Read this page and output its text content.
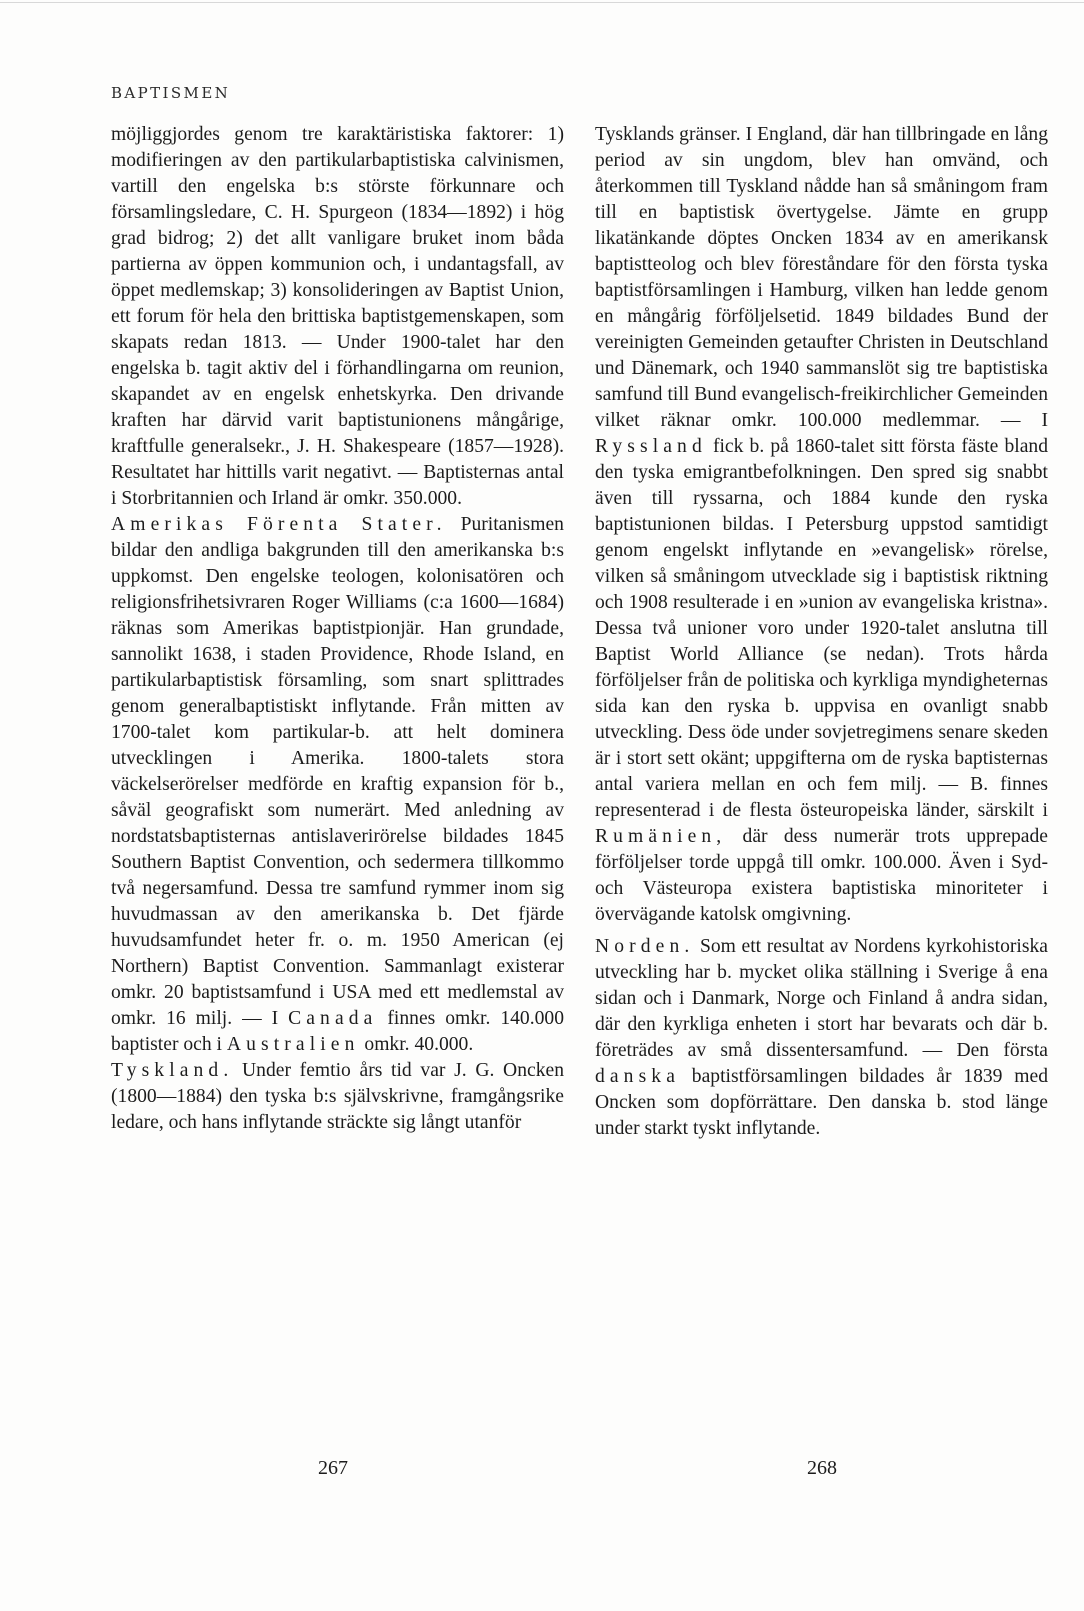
BAPTISMEN

möjliggjordes genom tre karaktäristiska faktorer: 1) modifieringen av den partikularbaptistiska calvinismen, vartill den engelska b:s störste förkunnare och församlingsledare, C. H. Spurgeon (1834—1892) i hög grad bidrog; 2) det allt vanligare bruket inom båda partierna av öppen kommunion och, i undantagsfall, av öppet medlemskap; 3) konsolideringen av Baptist Union, ett forum för hela den brittiska baptistgemenskapen, som skapats redan 1813. — Under 1900-talet har den engelska b. tagit aktiv del i förhandlingarna om reunion, skapandet av en engelsk enhetskyrka. Den drivande kraften har därvid varit baptistunionens mångårige, kraftfulle generalsekr., J. H. Shakespeare (1857—1928). Resultatet har hittills varit negativt. — Baptisternas antal i Storbritannien och Irland är omkr. 350.000.

Amerikas Förenta Stater. Puritanismen bildar den andliga bakgrunden till den amerikanska b:s uppkomst. Den engelske teologen, kolonisatören och religionsfrihetsivraren Roger Williams (c:a 1600—1684) räknas som Amerikas baptistpionjär. Han grundade, sannolikt 1638, i staden Providence, Rhode Island, en partikularbaptistisk församling, som snart splittrades genom generalbaptistiskt inflytande. Från mitten av 1700-talet kom partikular-b. att helt dominera utvecklingen i Amerika. 1800-talets stora väckelserörelser medförde en kraftig expansion för b., såväl geografiskt som numerärt. Med anledning av nordstatsbaptisternas antislaverirörelse bildades 1845 Southern Baptist Convention, och sedermera tillkommo två negersamfund. Dessa tre samfund rymmer inom sig huvudmassan av den amerikanska b. Det fjärde huvudsamfundet heter fr. o. m. 1950 American (ej Northern) Baptist Convention. Sammanlagt existerar omkr. 20 baptistsamfund i USA med ett medlemstal av omkr. 16 milj. — I Canada finnes omkr. 140.000 baptister och i Australien omkr. 40.000.

Tyskland. Under femtio års tid var J. G. Oncken (1800—1884) den tyska b:s självskrivne, framgångsrike ledare, och hans inflytande sträckte sig långt utanför

Tysklands gränser. I England, där han tillbringade en lång period av sin ungdom, blev han omvänd, och återkommen till Tyskland nådde han så småningom fram till en baptistisk övertygelse. Jämte en grupp likatänkande döptes Oncken 1834 av en amerikansk baptistteolog och blev föreståndare för den första tyska baptistförsamlingen i Hamburg, vilken han ledde genom en mångårig förföljelsetid. 1849 bildades Bund der vereinigten Gemeinden getaufter Christen in Deutschland und Dänemark, och 1940 sammanslöt sig tre baptistiska samfund till Bund evangelisch-freikirchlicher Gemeinden vilket räknar omkr. 100.000 medlemmar. — I Ryssland fick b. på 1860-talet sitt första fäste bland den tyska emigrantbefolkningen. Den spred sig snabbt även till ryssarna, och 1884 kunde den ryska baptistunionen bildas. I Petersburg uppstod samtidigt genom engelskt inflytande en »evangelisk» rörelse, vilken så småningom utvecklade sig i baptistisk riktning och 1908 resulterade i en »union av evangeliska kristna». Dessa två unioner voro under 1920-talet anslutna till Baptist World Alliance (se nedan). Trots hårda förföljelser från de politiska och kyrkliga myndigheternas sida kan den ryska b. uppvisa en ovanligt snabb utveckling. Dess öde under sovjetregimens senare skeden är i stort sett okänt; uppgifterna om de ryska baptisternas antal variera mellan en och fem milj. — B. finnes representerad i de flesta östeuropeiska länder, särskilt i Rumänien, där dess numerär trots upprepade förföljelser torde uppgå till omkr. 100.000. Även i Syd- och Västeuropa existera baptistiska minoriteter i övervägande katolsk omgivning.

Norden. Som ett resultat av Nordens kyrkohistoriska utveckling har b. mycket olika ställning i Sverige å ena sidan och i Danmark, Norge och Finland å andra sidan, där den kyrkliga enheten i stort har bevarats och där b. företrädes av små dissentersamfund. — Den första danska baptistförsamlingen bildades år 1839 med Oncken som dopförrättare. Den danska b. stod länge under starkt tyskt inflytande.

267	268
